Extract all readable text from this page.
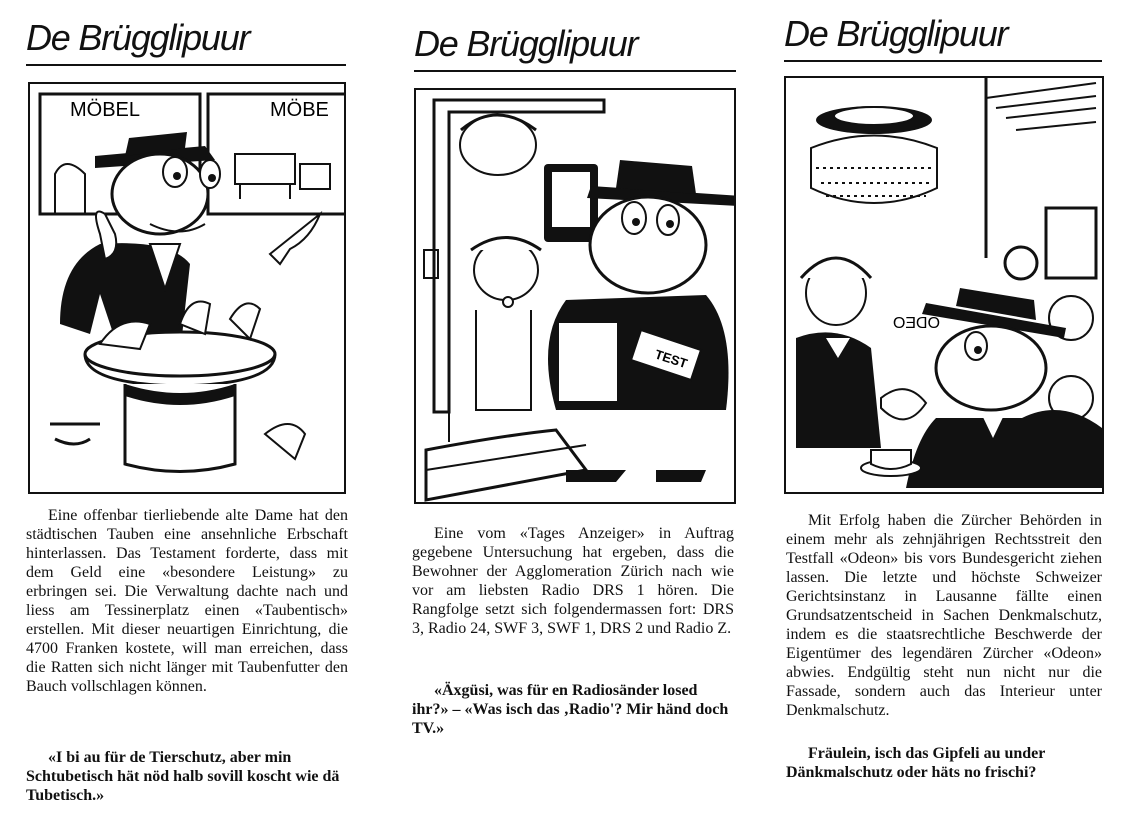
De Brügglipuur
MÖBEL	MÖBE

Eine offenbar tierliebende alte Dame hat den städtischen Tauben eine ansehnliche Erbschaft hinterlassen. Das Testament forderte, dass mit dem Geld eine «besondere Leistung» zu erbringen sei. Die Verwaltung dachte nach und liess am Tessinerplatz einen «Taubentisch» erstellen. Mit dieser neuartigen Einrichtung, die 4700 Franken kostete, will man erreichen, dass die Ratten sich nicht länger mit Taubenfutter den Bauch vollschlagen können.

«I bi au für de Tierschutz, aber min Schtubetisch hät nöd halb sovill koscht wie dä Tubetisch.»

De Brügglipuur
TEST

Eine vom «Tages Anzeiger» in Auftrag gegebene Untersuchung hat ergeben, dass die Bewohner der Agglomeration Zürich nach wie vor am liebsten Radio DRS 1 hören. Die Rangfolge setzt sich folgendermassen fort: DRS 3, Radio 24, SWF 3, SWF 1, DRS 2 und Radio Z.

«Äxgüsi, was für en Radiosänder losed ihr?» – «Was isch das ‚Radio'? Mir händ doch TV.»

De Brügglipuur
ODEO

Mit Erfolg haben die Zürcher Behörden in einem mehr als zehnjährigen Rechtsstreit den Testfall «Odeon» bis vors Bundesgericht ziehen lassen. Die letzte und höchste Schweizer Gerichtsinstanz in Lausanne fällte einen Grundsatzentscheid in Sachen Denkmalschutz, indem es die staatsrechtliche Beschwerde der Eigentümer des legendären Zürcher «Odeon» abwies. Endgültig steht nun nicht nur die Fassade, sondern auch das Interieur unter Denkmalschutz.

Fräulein, isch das Gipfeli au under Dänkmalschutz oder häts no frischi?
